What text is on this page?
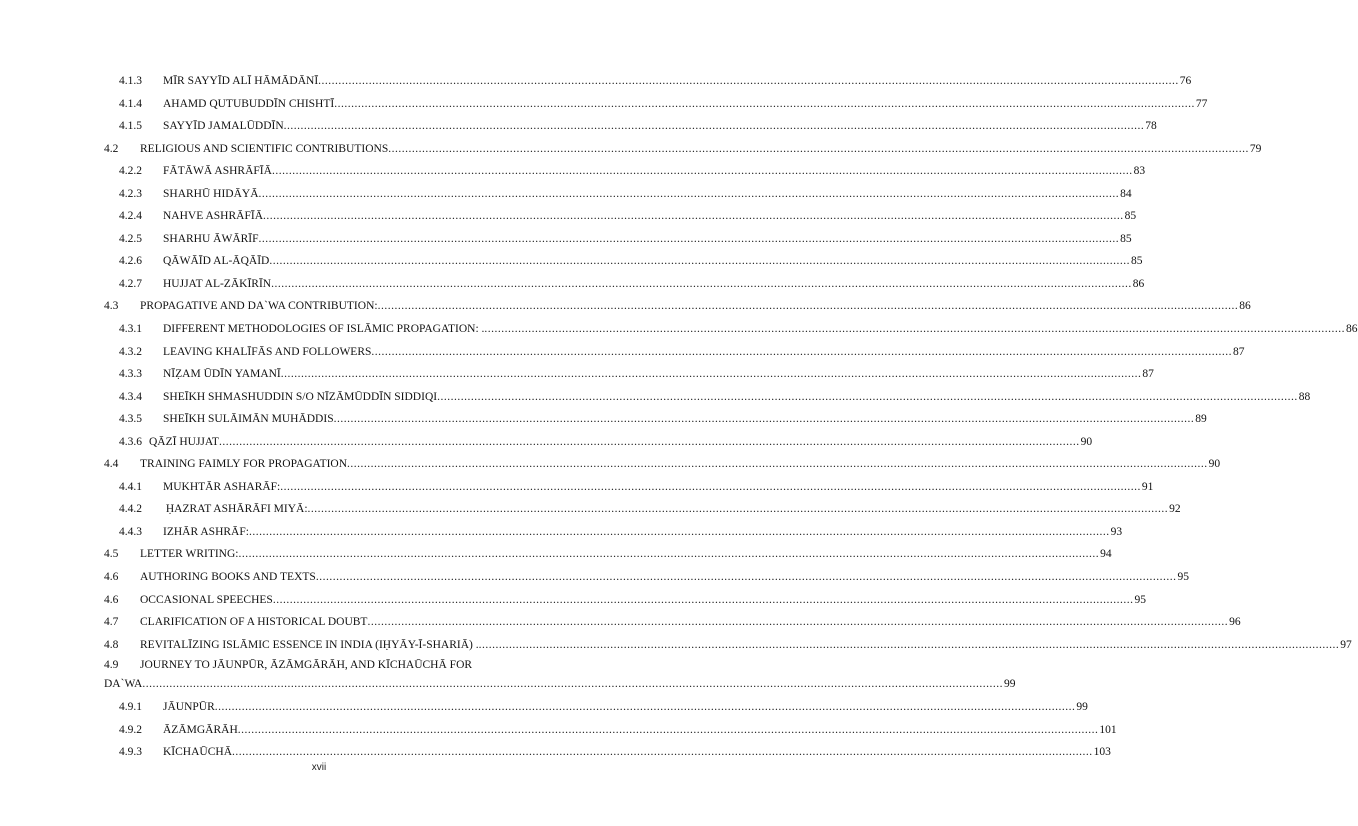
4.1.3	MĪR SAYYĪD ALĪ HĀMĀDĀNĪ .....	76
4.1.4	AHAMD QUTUBUDDĪN CHISHTĪ .....	77
4.1.5	SAYYĪD JAMALŪDDĪN .....	78
4.2	RELIGIOUS AND SCIENTIFIC CONTRIBUTIONS .....	79
4.2.2	FĀTĀWĀ ASHRĀFĪĀ .....	83
4.2.3	SHARHŪ HIDĀYĀ .....	84
4.2.4	NAHVE ASHRĀFĪĀ .....	85
4.2.5	SHARHU ĀWĀRĪF .....	85
4.2.6	QĀWĀĪD AL-ĀQĀĪD .....	85
4.2.7	HUJJAT AL-ZĀKĪRĪN .....	86
4.3	PROPAGATIVE AND DA`WA CONTRIBUTION: .....	86
4.3.1	DIFFERENT METHODOLOGIES OF ISLĀMIC PROPAGATION: . .....	86
4.3.2	LEAVING KHALĪFĀS AND FOLLOWERS .....	87
4.3.3	NĪẒAM ŪDĪN YAMANĪ .....	87
4.3.4	SHEĪKH SHMASHUDDIN S/O NĪZĀMŪDDĪN SIDDIQI .....	88
4.3.5	SHEĪKH SULĀIMĀN MUHĀDDIS .....	89
4.3.6 QĀZĪ HUJJAT .....	90
4.4	TRAINING FAIMLY FOR PROPAGATION .....	90
4.4.1	MUKHTĀR ASHARĀF: .....	91
4.4.2	ḤAZRAT ASHĀRĀFI MIYĀ: .....	92
4.4.3	IZHĀR ASHRĀF: .....	93
4.5	LETTER WRITING: .....	94
4.6	AUTHORING BOOKS AND TEXTS .....	95
4.6	OCCASIONAL SPEECHES .....	95
4.7	CLARIFICATION OF A HISTORICAL DOUBT .....	96
4.8	REVITALĪZING ISLĀMIC ESSENCE IN INDIA (IḤYĀY-Ī-SHARIĀ) . .....	97
4.9	JOURNEY TO JĀUNPŪR, ĀZĀMGĀRĀH, AND KĪCHAŪCHĀ FOR
DA`WA .....	99
4.9.1	JĀUNPŪR .....	99
4.9.2	ĀZĀMGĀRĀH .....	101
4.9.3	KĪCHAŪCHĀ .....	103
xvii
